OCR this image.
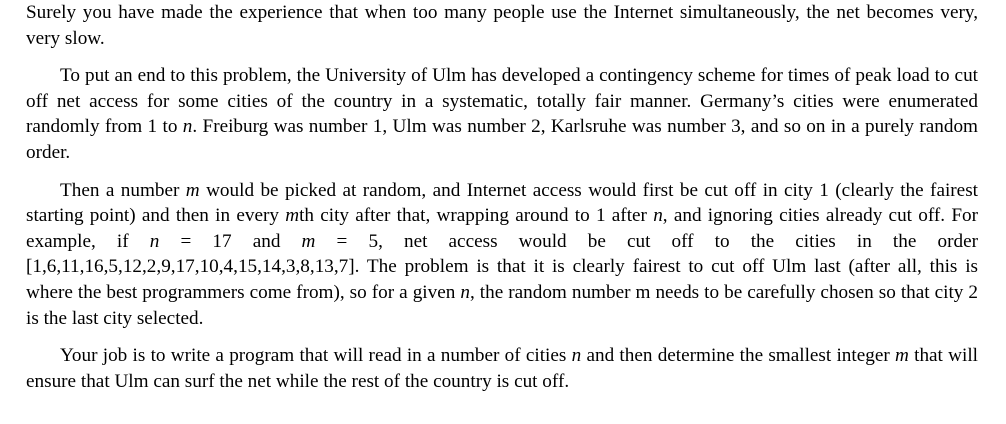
Surely you have made the experience that when too many people use the Internet simultaneously, the net becomes very, very slow.

To put an end to this problem, the University of Ulm has developed a contingency scheme for times of peak load to cut off net access for some cities of the country in a systematic, totally fair manner. Germany’s cities were enumerated randomly from 1 to n. Freiburg was number 1, Ulm was number 2, Karlsruhe was number 3, and so on in a purely random order.

Then a number m would be picked at random, and Internet access would first be cut off in city 1 (clearly the fairest starting point) and then in every mth city after that, wrapping around to 1 after n, and ignoring cities already cut off. For example, if n = 17 and m = 5, net access would be cut off to the cities in the order [1,6,11,16,5,12,2,9,17,10,4,15,14,3,8,13,7]. The problem is that it is clearly fairest to cut off Ulm last (after all, this is where the best programmers come from), so for a given n, the random number m needs to be carefully chosen so that city 2 is the last city selected.

Your job is to write a program that will read in a number of cities n and then determine the smallest integer m that will ensure that Ulm can surf the net while the rest of the country is cut off.
